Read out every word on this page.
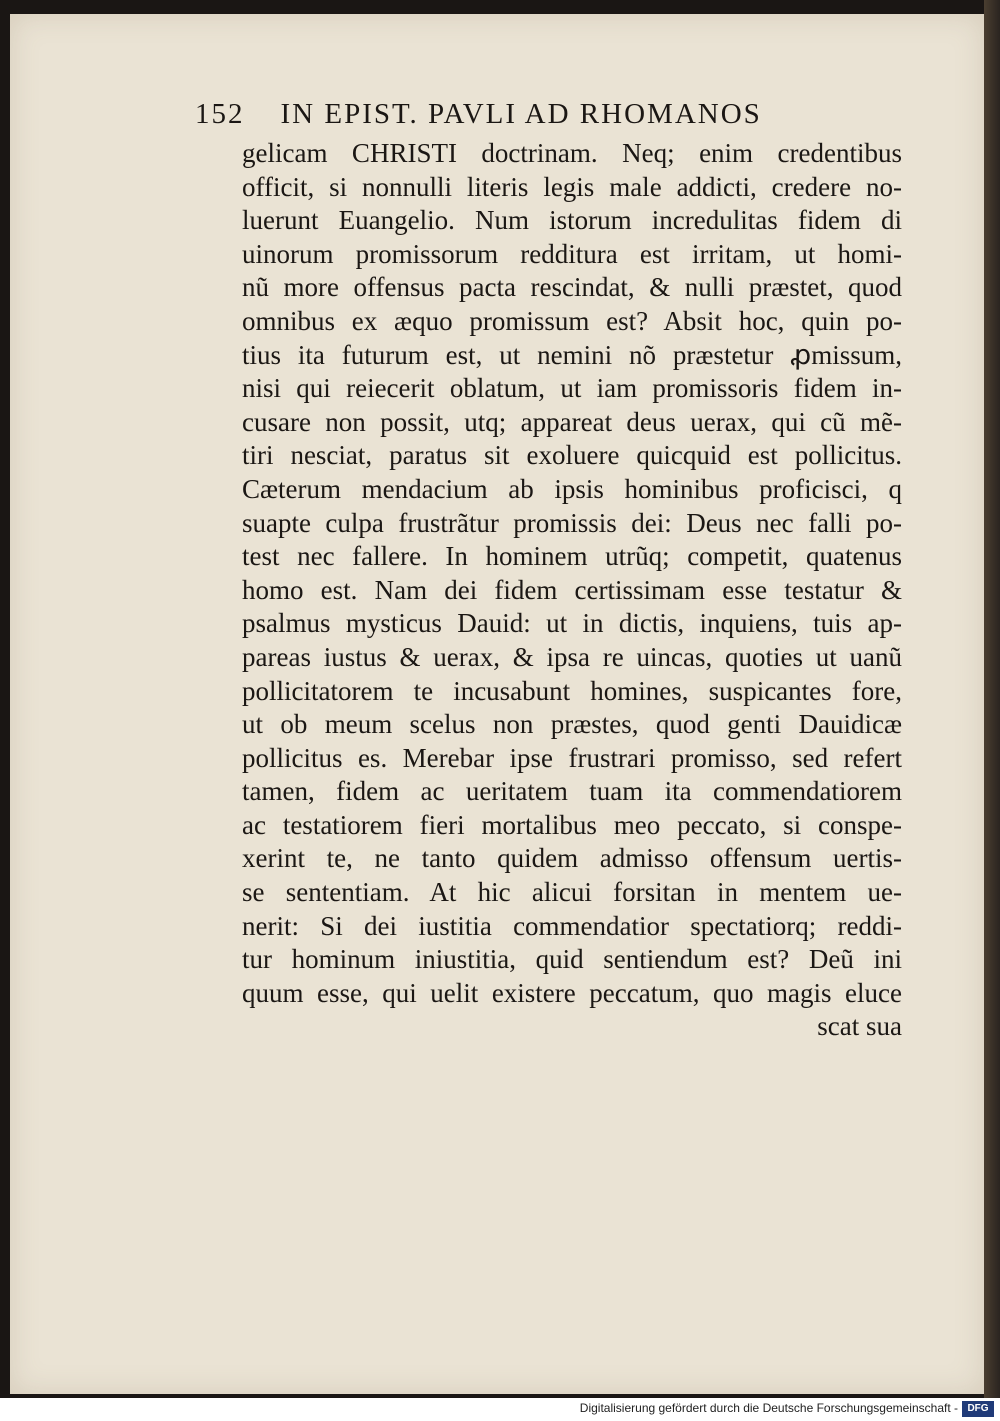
152 IN EPIST. PAVLI AD RHOMANOS
gelicam CHRISTI doctrinam. Neq; enim credentibus
officit, si nonnulli literis legis male addicti, credere no-
luerunt Euangelio. Num istorum incredulitas fidem di
uinorum promissorum redditura est irritam, ut homi-
nũ more offensus pacta rescindat, & nulli præstet, quod
omnibus ex æquo promissum est? Absit hoc, quin po-
tius ita futurum est, ut nemini nõ præstetur ꝓmissum,
nisi qui reiecerit oblatum, ut iam promissoris fidem in-
cusare non possit, utq; appareat deus uerax, qui cũ mẽ-
tiri nesciat, paratus sit exoluere quicquid est pollicitus.
Cæterum mendacium ab ipsis hominibus proficisci, q
suapte culpa frustrãtur promissis dei: Deus nec falli po-
test nec fallere. In hominem utrũq; competit, quatenus
homo est. Nam dei fidem certissimam esse testatur &
psalmus mysticus Dauid: ut in dictis, inquiens, tuis ap-
pareas iustus & uerax, & ipsa re uincas, quoties ut uanũ
pollicitatorem te incusabunt homines, suspicantes fore,
ut ob meum scelus non præstes, quod genti Dauidicæ
pollicitus es. Merebar ipse frustrari promisso, sed refert
tamen, fidem ac ueritatem tuam ita commendatiorem
ac testatiorem fieri mortalibus meo peccato, si conspe-
xerint te, ne tanto quidem admisso offensum uertis-
se sententiam. At hic alicui forsitan in mentem ue-
nerit: Si dei iustitia commendatior spectatiorq; reddi-
tur hominum iniustitia, quid sentiendum est? Deũ ini
quum esse, qui uelit existere peccatum, quo magis eluce
scat sua
Digitalisierung gefördert durch die Deutsche Forschungsgemeinschaft - DFG
